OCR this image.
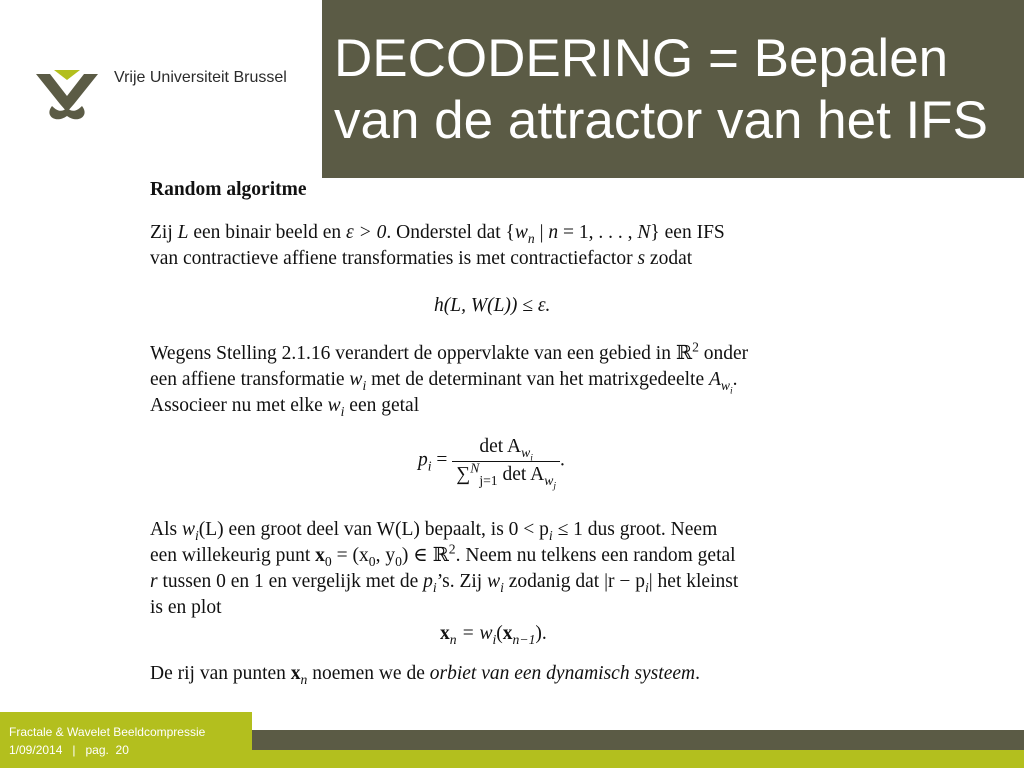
Vrije Universiteit Brussel DECODERING = Bepalen
van de attractor van het IFS
Random algoritme
Zij L een binair beeld en ε > 0. Onderstel dat {$w_n$ | n = 1, . . . , N} een IFS
van contractieve affiene transformaties is met contractiefactor s zodat
h(L, W(L)) ≤ ε.
Wegens Stelling 2.1.16 verandert de oppervlakte van een gebied in ℝ$^2$ onder
een affiene transformatie $w_i$ met de determinant van het matrixgedeelte $A_{w_i}$.
Associeer nu met elke $w_i$ een getal
$p_i = \frac{\det A_{w_i}}{\sum^N_{j=1} \det A_{w_j}}$ .
Als $w_i(L)$ een groot deel van W(L) bepaalt, is $0 < p_i \le 1$ dus groot. Neem
een willekeurig punt $x_0 = (x_0$, $y_0$) ∈ ℝ$^2$. Neem nu telkens een random getal
r tussen 0 en 1 en vergelijk met de $p_i’s$. Zij $w_i$ zodanig dat $|r - p_i|$ het kleinst
is en plot
$x_n = w_i(x_{n-1})$.
De rij van punten $x_n$ noemen we de orbiet van een dynamisch systeem.
Fractale & Wavelet Beeldcompressie
1/09/2014   |   pag.  20
